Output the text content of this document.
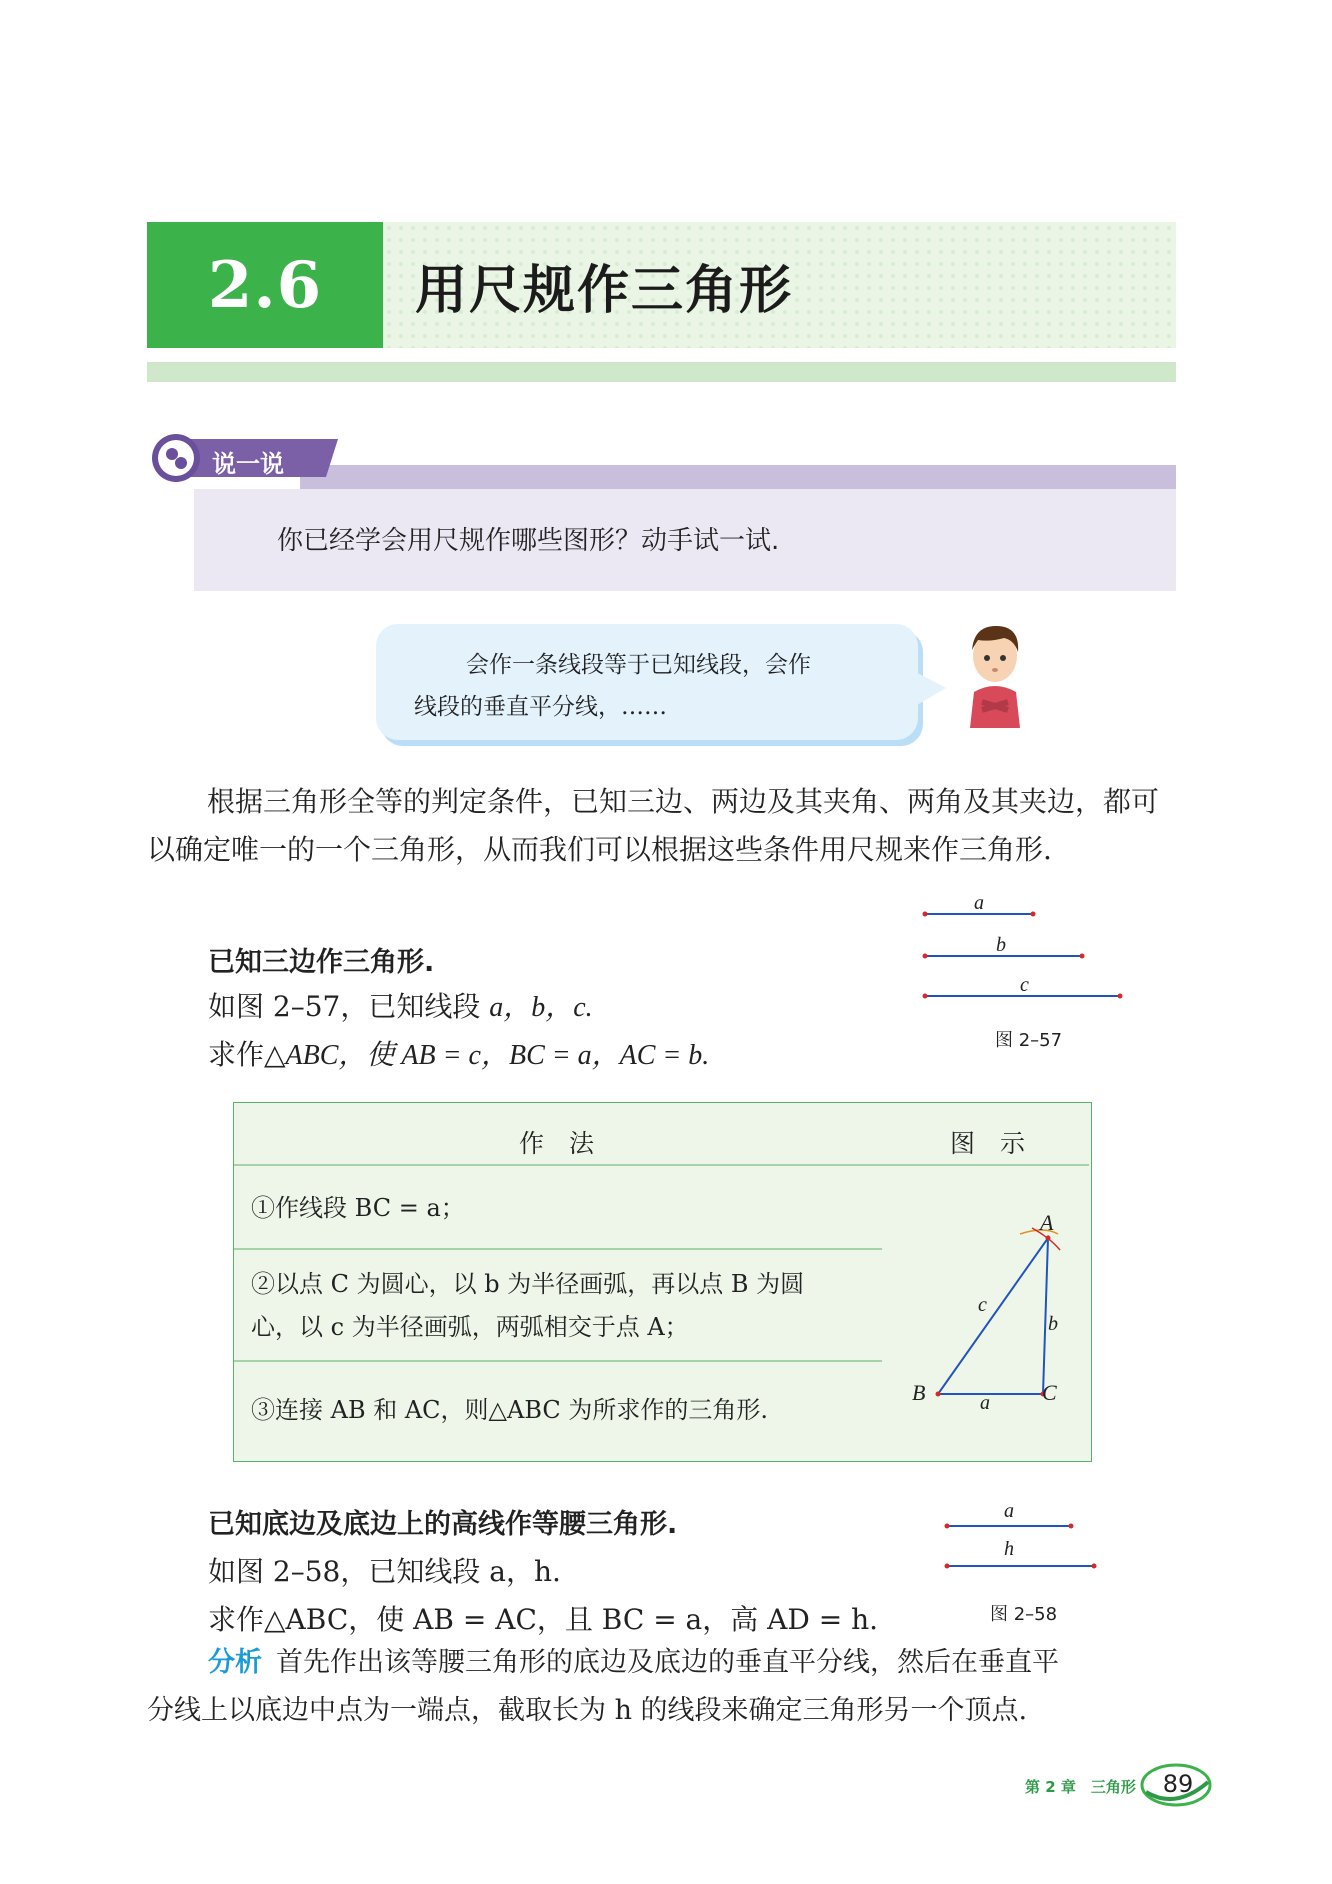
2.6	用尺规作三角形
说一说
你已经学会用尺规作哪些图形？动手试一试.
会作一条线段等于已知线段，会作
线段的垂直平分线，……
根据三角形全等的判定条件，已知三边、两边及其夹角、两角及其夹边，都可以确定唯一的一个三角形，从而我们可以根据这些条件用尺规来作三角形.
已知三边作三角形.
如图 2–57，已知线段 a，b，c.
求作△ABC，使 AB = c，BC = a，AC = b.
a
b
c
图 2–57
作　法	图　示
①作线段 BC = a；
②以点 C 为圆心，以 b 为半径画弧，再以点 B 为圆
心，以 c 为半径画弧，两弧相交于点 A；
③连接 AB 和 AC，则△ABC 为所求作的三角形.
A
B	C
a
b
c
已知底边及底边上的高线作等腰三角形.
如图 2–58，已知线段 a，h.
求作△ABC，使 AB = AC，且 BC = a，高 AD = h.
a
h
图 2–58
分析 首先作出该等腰三角形的底边及底边的垂直平分线，然后在垂直平
分线上以底边中点为一端点，截取长为 h 的线段来确定三角形另一个顶点.
第 2 章　三角形	89
